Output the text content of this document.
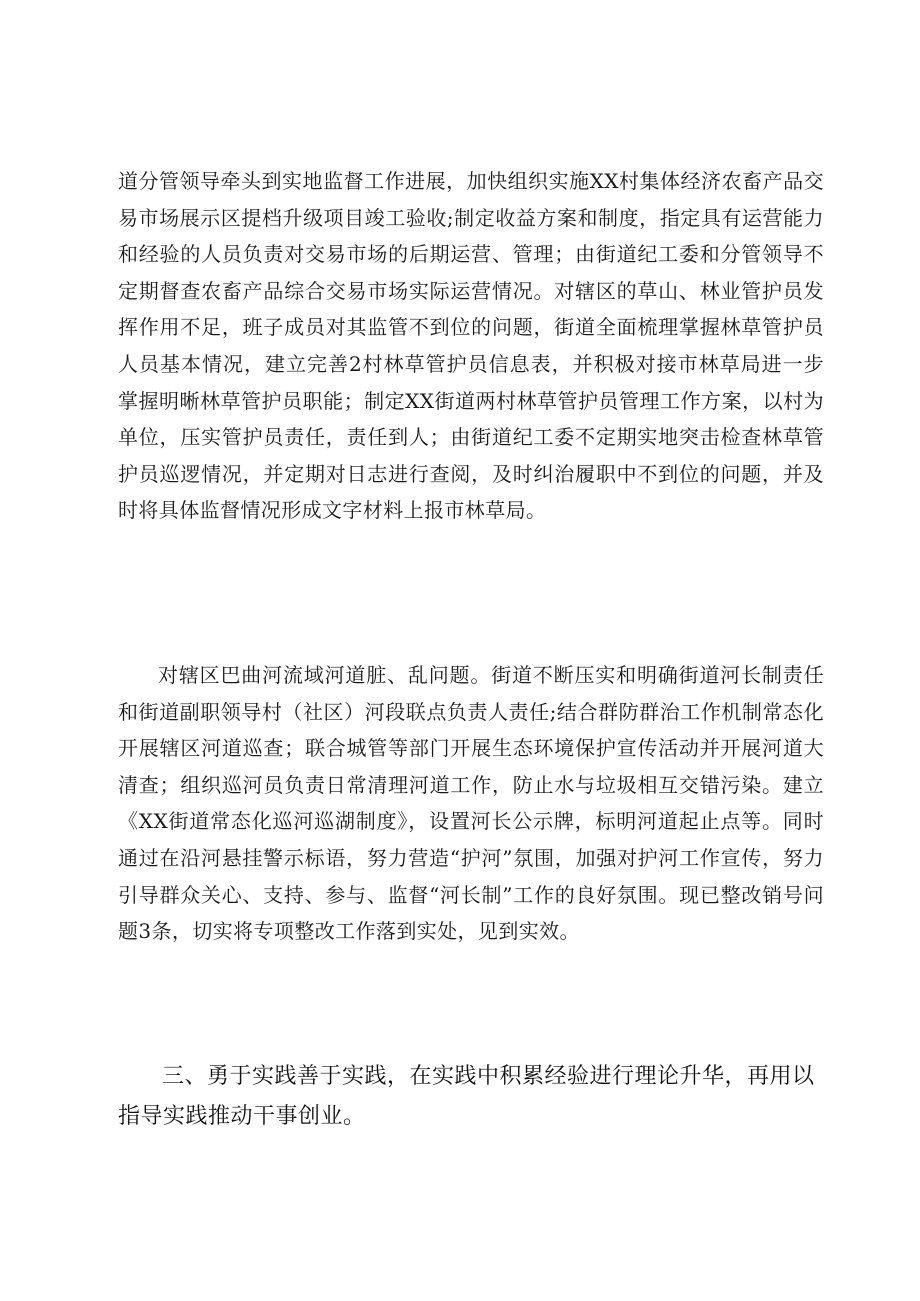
道分管领导牵头到实地监督工作进展，加快组织实施XX村集体经济农畜产品交易市场展示区提档升级项目竣工验收;制定收益方案和制度，指定具有运营能力和经验的人员负责对交易市场的后期运营、管理；由街道纪工委和分管领导不定期督查农畜产品综合交易市场实际运营情况。对辖区的草山、林业管护员发挥作用不足，班子成员对其监管不到位的问题，街道全面梳理掌握林草管护员人员基本情况，建立完善2村林草管护员信息表，并积极对接市林草局进一步掌握明晰林草管护员职能；制定XX街道两村林草管护员管理工作方案，以村为单位，压实管护员责任，责任到人；由街道纪工委不定期实地突击检查林草管护员巡逻情况，并定期对日志进行查阅，及时纠治履职中不到位的问题，并及时将具体监督情况形成文字材料上报市林草局。

对辖区巴曲河流域河道脏、乱问题。街道不断压实和明确街道河长制责任和街道副职领导村（社区）河段联点负责人责任;结合群防群治工作机制常态化开展辖区河道巡查；联合城管等部门开展生态环境保护宣传活动并开展河道大清查；组织巡河员负责日常清理河道工作，防止水与垃圾相互交错污染。建立《XX街道常态化巡河巡湖制度》，设置河长公示牌，标明河道起止点等。同时通过在沿河悬挂警示标语，努力营造“护河”氛围，加强对护河工作宣传，努力引导群众关心、支持、参与、监督“河长制”工作的良好氛围。现已整改销号问题3条，切实将专项整改工作落到实处，见到实效。

三、勇于实践善于实践，在实践中积累经验进行理论升华，再用以指导实践推动干事创业。
